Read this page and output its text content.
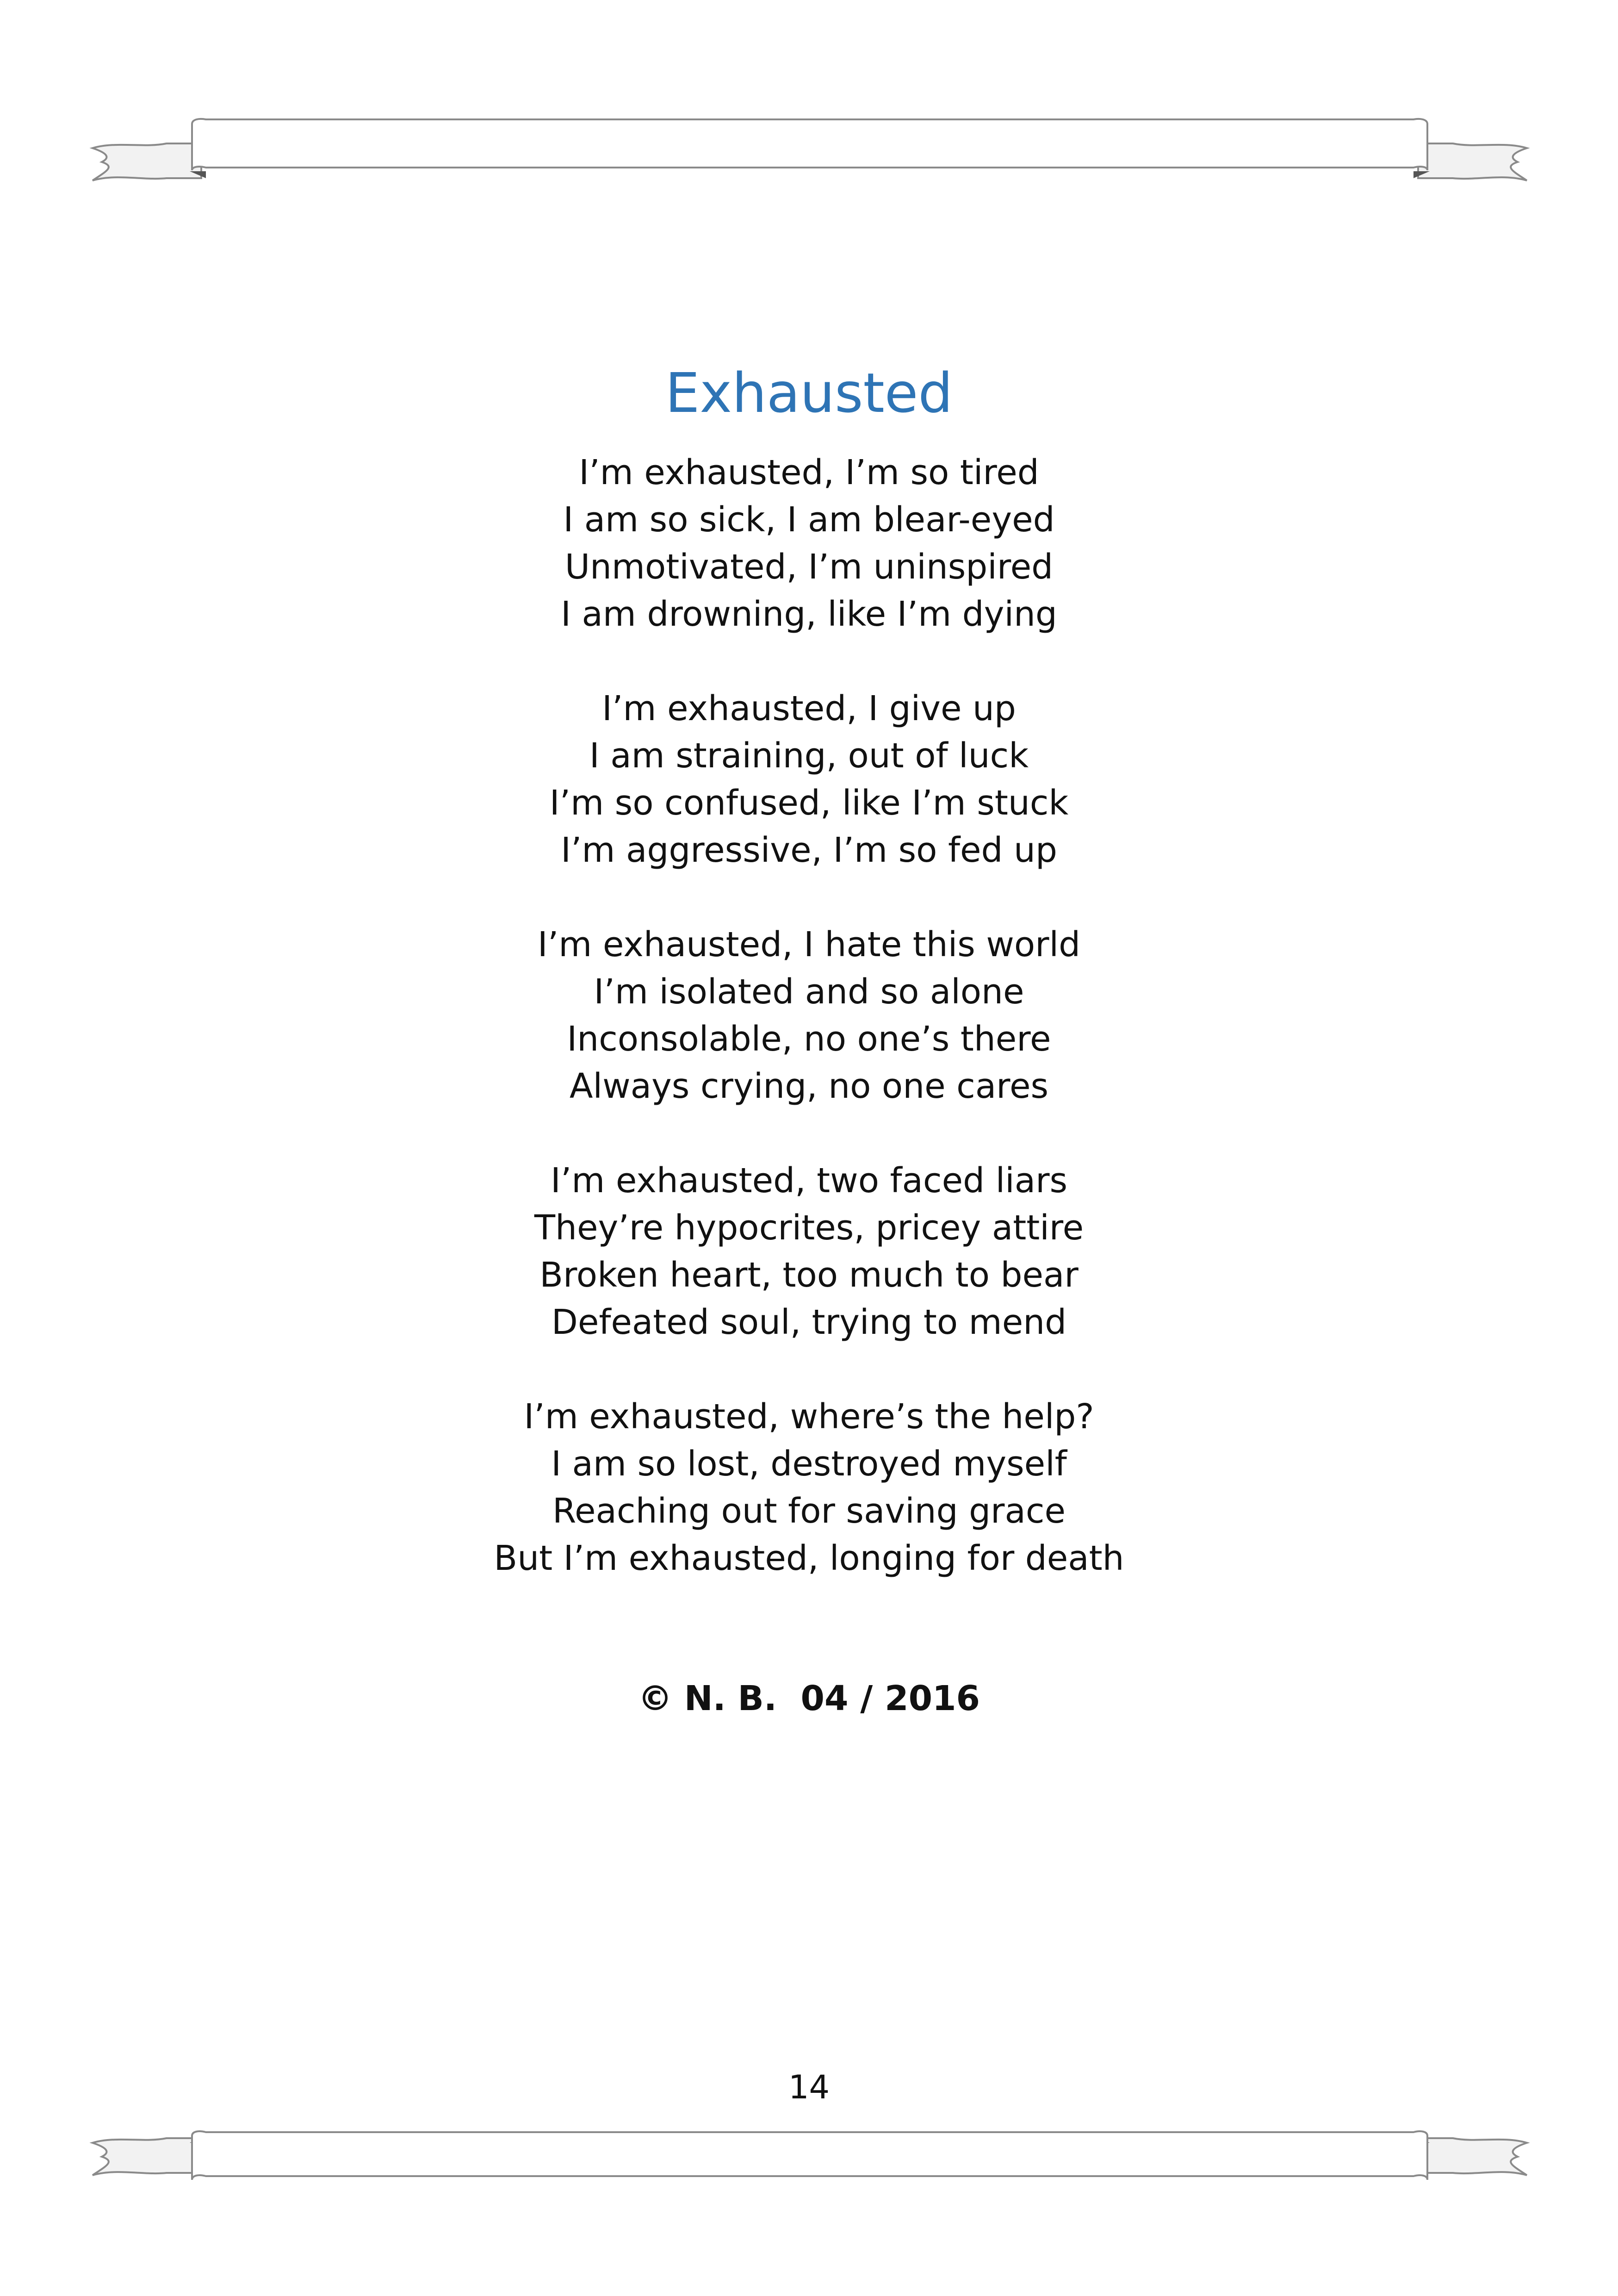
Exhausted
I’m exhausted, I’m so tired
I am so sick, I am blear-eyed
Unmotivated, I’m uninspired
I am drowning, like I’m dying
I’m exhausted, I give up
I am straining, out of luck
I’m so confused, like I’m stuck
I’m aggressive, I’m so fed up
I’m exhausted, I hate this world
I’m isolated and so alone
Inconsolable, no one’s there
Always crying, no one cares
I’m exhausted, two faced liars
They’re hypocrites, pricey attire
Broken heart, too much to bear
Defeated soul, trying to mend
I’m exhausted, where’s the help?
I am so lost, destroyed myself
Reaching out for saving grace
But I’m exhausted, longing for death
© N. B.  04 / 2016
14
